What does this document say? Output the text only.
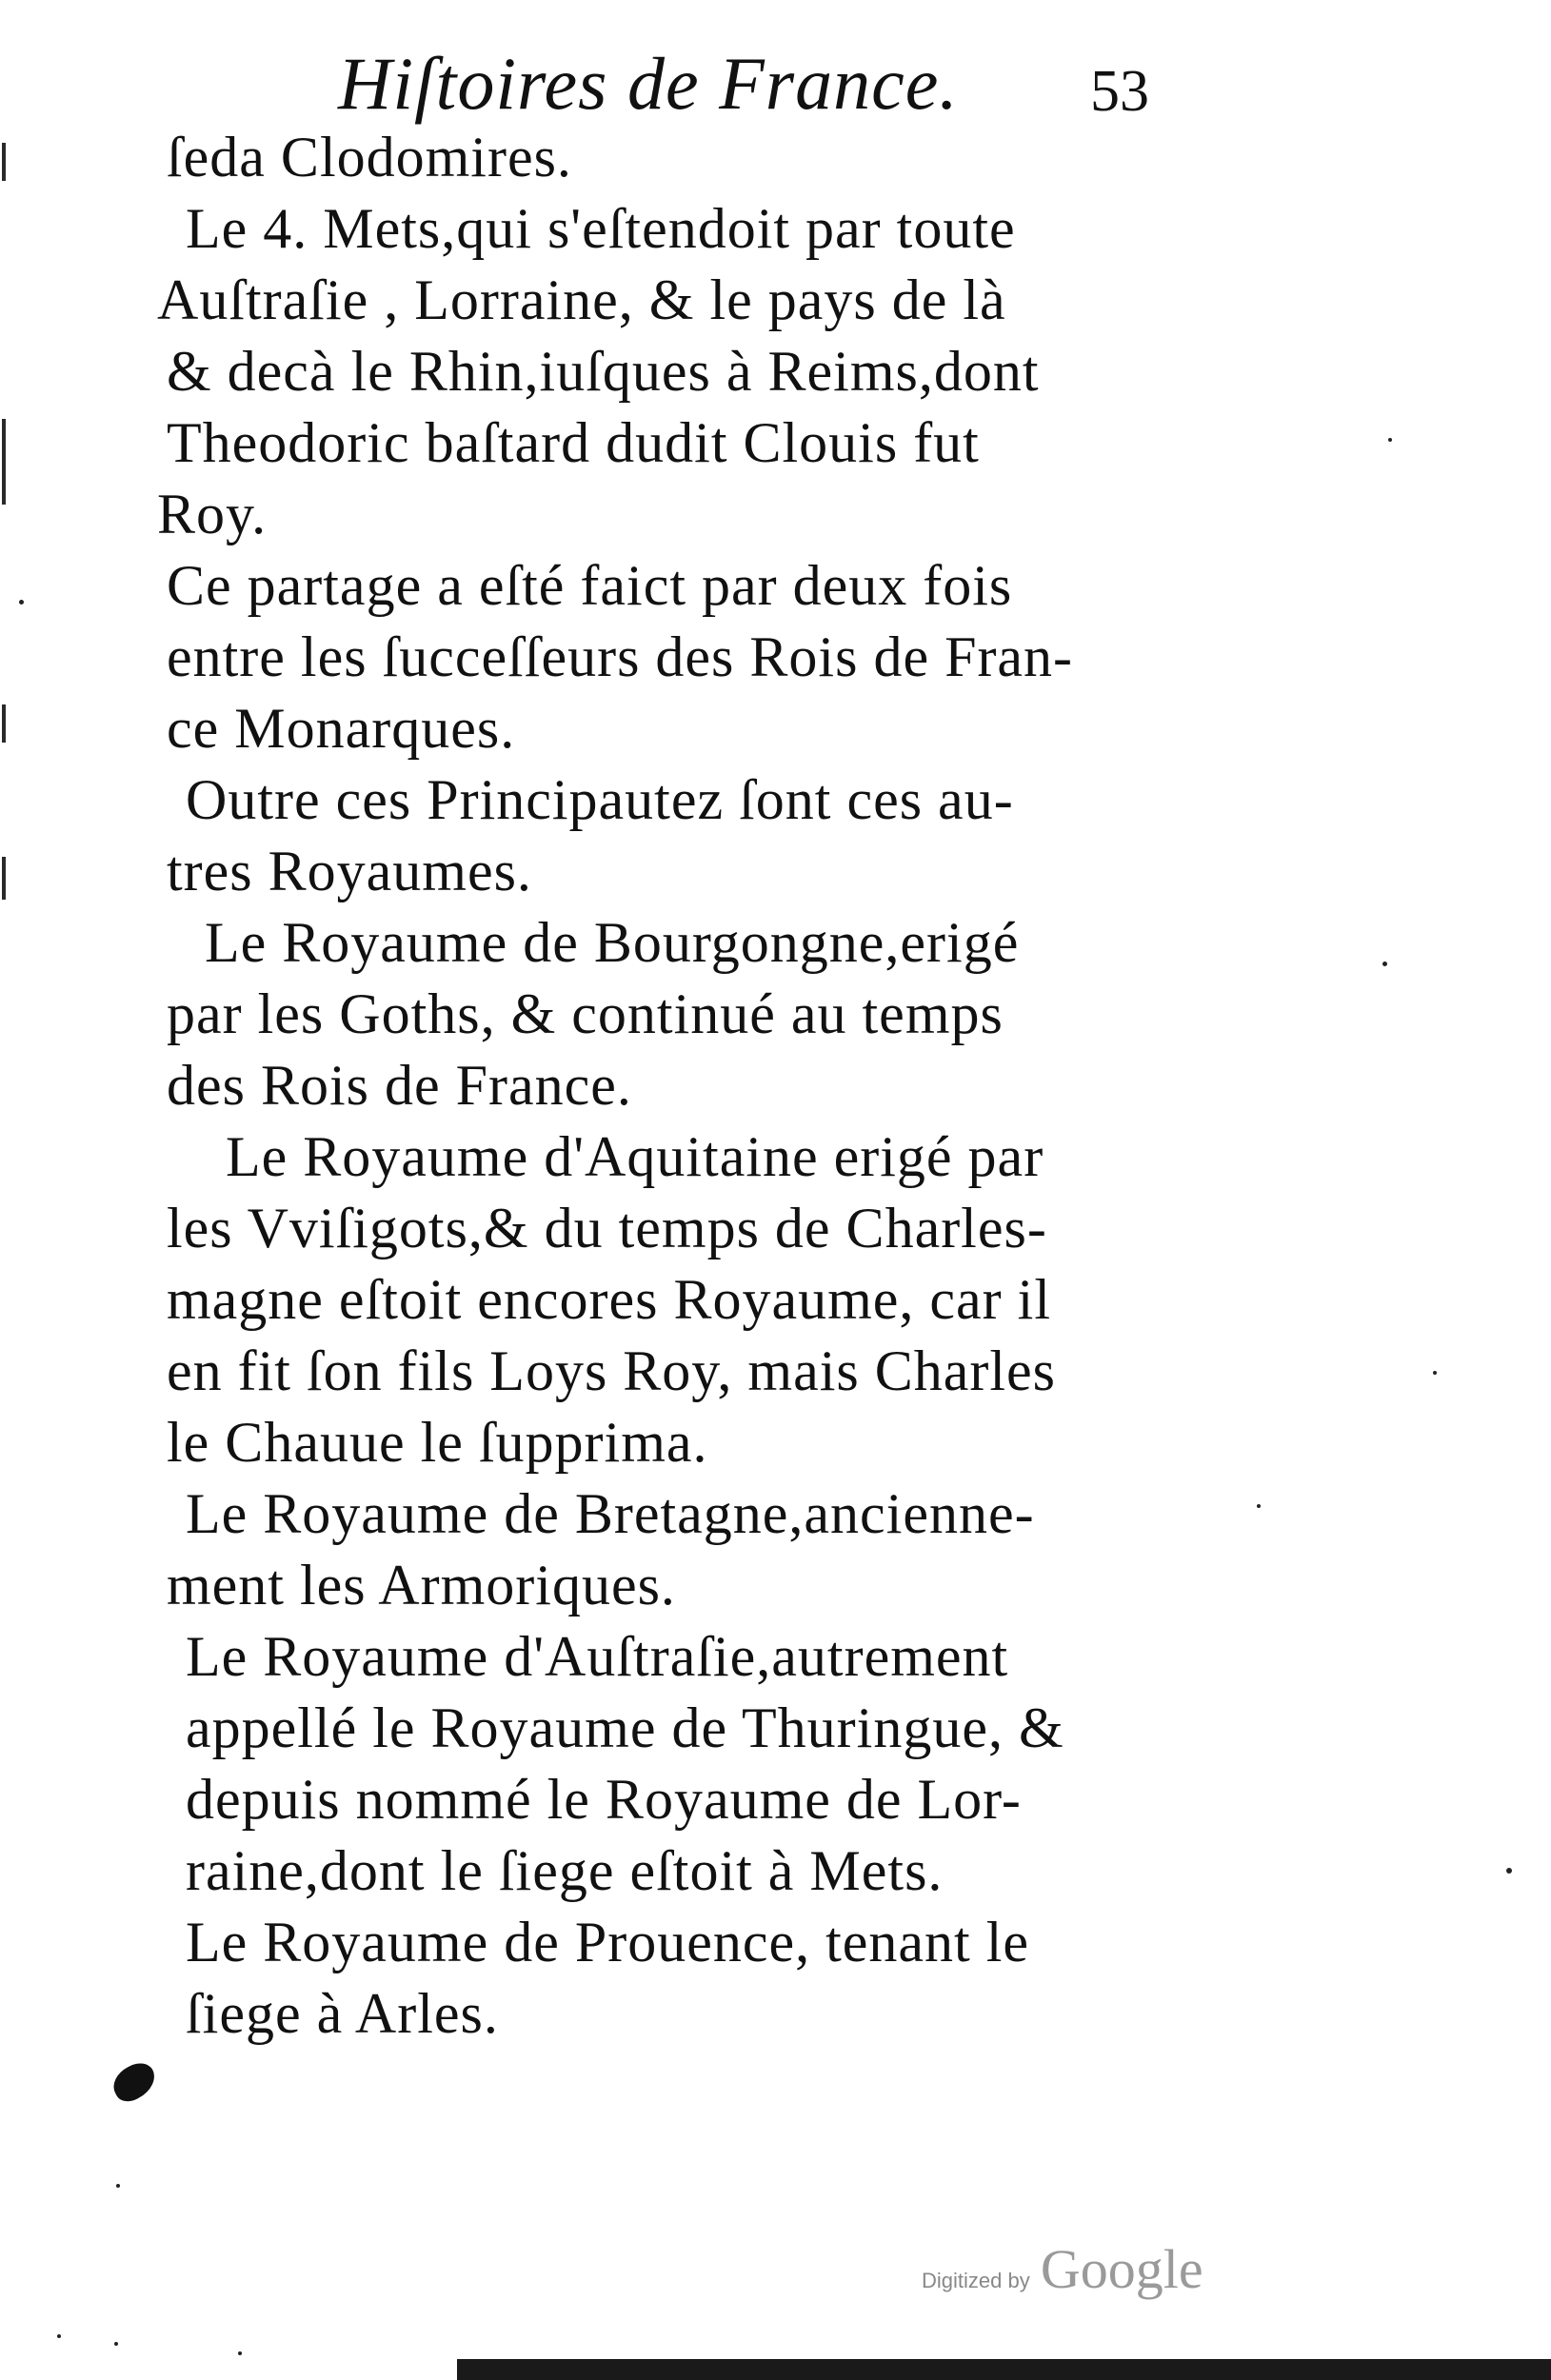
Hiſtoires de France. 53
ſeda Clodomires.
Le 4. Mets,qui s'eſtendoit par toute
Auſtraſie , Lorraine, & le pays de là
& decà le Rhin,iuſques à Reims,dont
Theodoric baſtard dudit Clouis fut
Roy.
Ce partage a eſté faict par deux fois
entre les ſucceſſeurs des Rois de Fran-
ce Monarques.
Outre ces Principautez ſont ces au-
tres Royaumes.
Le Royaume de Bourgongne,erigé
par les Goths, & continué au temps
des Rois de France.
Le Royaume d'Aquitaine erigé par
les Vviſigots,& du temps de Charles-
magne eſtoit encores Royaume, car il
en fit ſon fils Loys Roy, mais Charles
le Chauue le ſupprima.
Le Royaume de Bretagne,ancienne-
ment les Armoriques.
Le Royaume d'Auſtraſie,autrement
appellé le Royaume de Thuringue, &
depuis nommé le Royaume de Lor-
raine,dont le ſiege eſtoit à Mets.
Le Royaume de Prouence, tenant le
ſiege à Arles.
Digitized by Google
